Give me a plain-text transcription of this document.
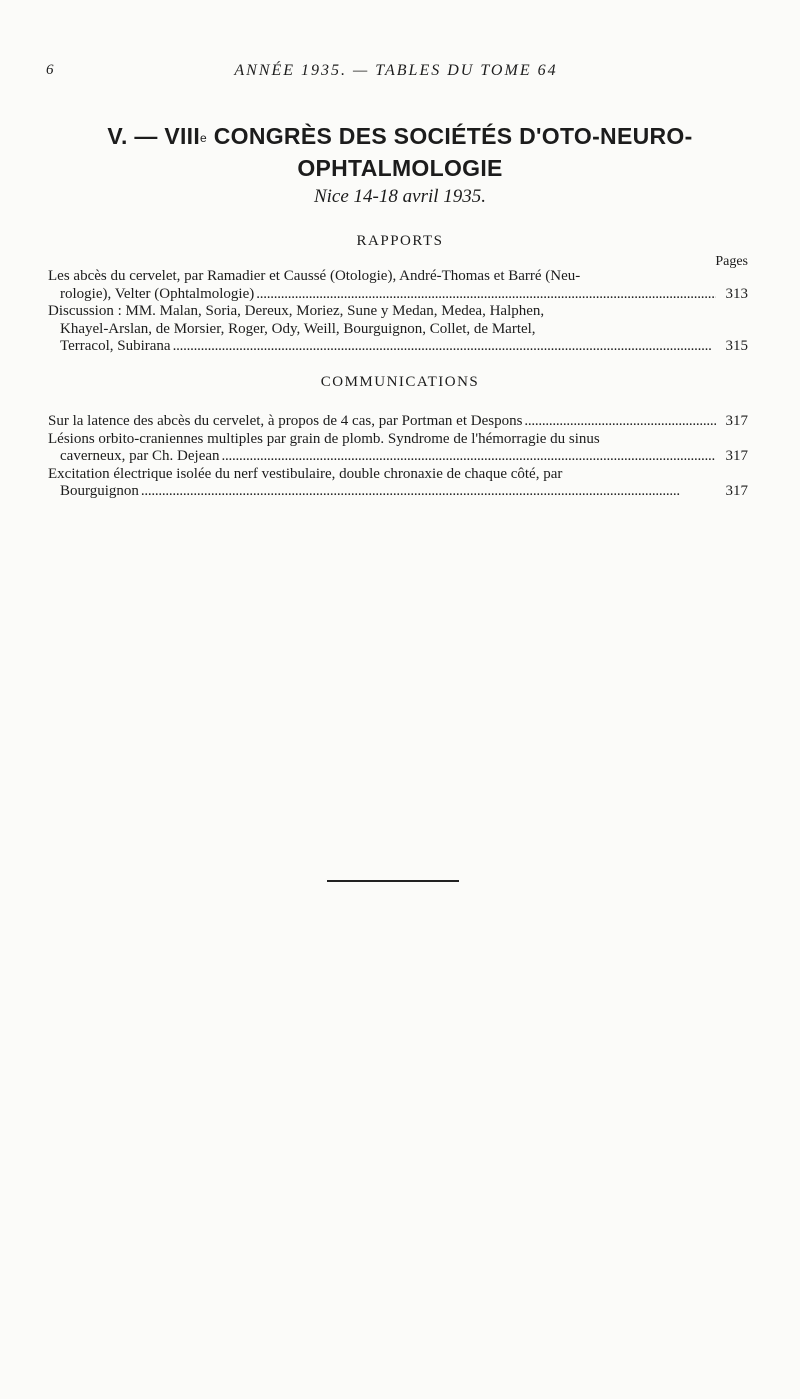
6	ANNÉE 1935. — TABLES DU TOME 64
V. — VIIIe CONGRÈS DES SOCIÉTÉS D'OTO-NEURO-
OPHTALMOLOGIE
Nice 14-18 avril 1935.
RAPPORTS
Pages
Les abcès du cervelet, par Ramadier et Caussé (Otologie), André-Thomas et Barré (Neu-
rologie), Velter (Ophtalmologie) . . .	313
Discussion : MM. Malan, Soria, Dereux, Moriez, Sune y Medan, Medea, Halphen,
Khayel-Arslan, de Morsier, Roger, Ody, Weill, Bourguignon, Collet, de Martel,
Terracol, Subirana . . .	315
COMMUNICATIONS
Sur la latence des abcès du cervelet, à propos de 4 cas, par Portman et Despons . . .	317
Lésions orbito-craniennes multiples par grain de plomb. Syndrome de l'hémorragie du sinus
caverneux, par Ch. Dejean . . .	317
Excitation électrique isolée du nerf vestibulaire, double chronaxie de chaque côté, par
Bourguignon . . .	317
